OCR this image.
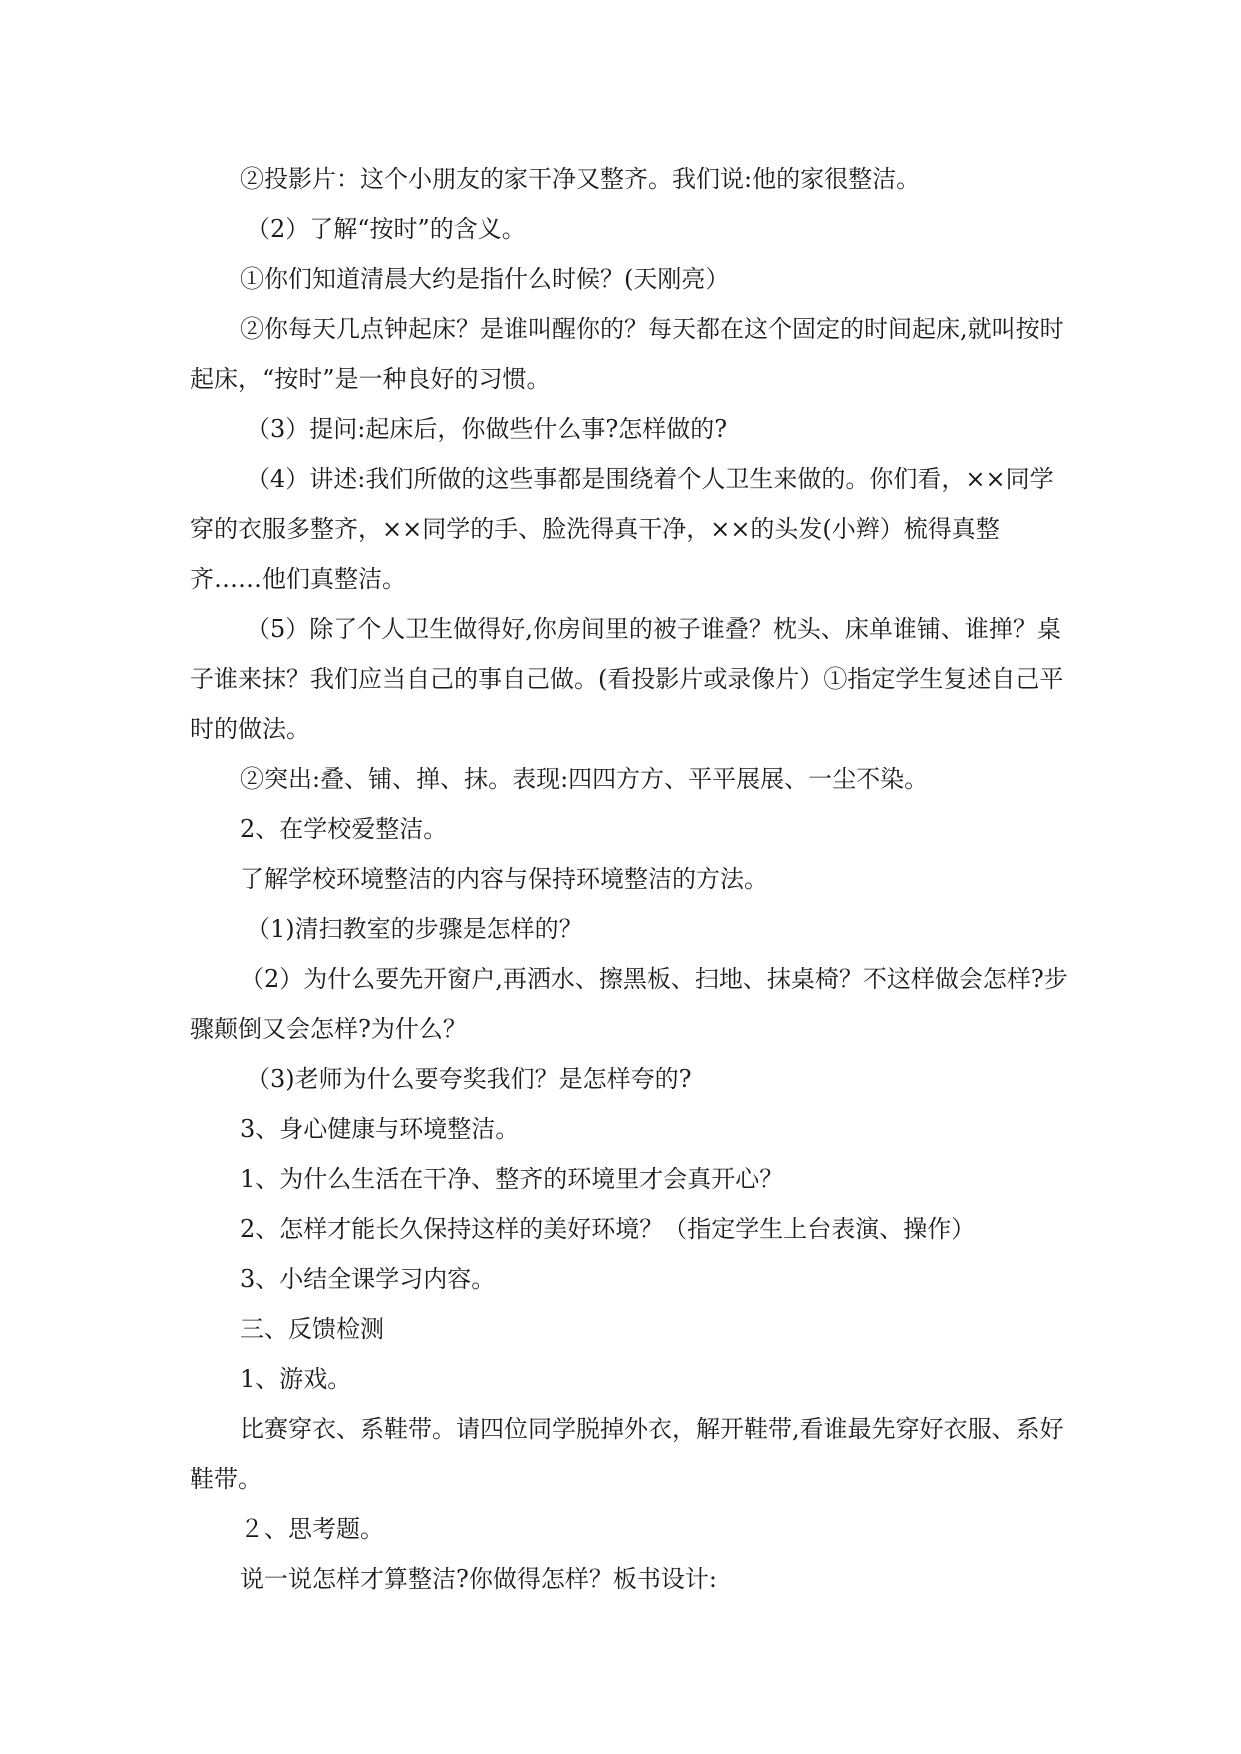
②投影片：这个小朋友的家干净又整齐。我们说:他的家很整洁。

（2）了解“按时”的含义。

①你们知道清晨大约是指什么时候？(天刚亮）

②你每天几点钟起床？是谁叫醒你的？每天都在这个固定的时间起床,就叫按时起床，“按时”是一种良好的习惯。

（3）提问:起床后，你做些什么事?怎样做的?

（4）讲述:我们所做的这些事都是围绕着个人卫生来做的。你们看，××同学穿的衣服多整齐，××同学的手、脸洗得真干净，××的头发(小辫）梳得真整齐……他们真整洁。

（5）除了个人卫生做得好,你房间里的被子谁叠？枕头、床单谁铺、谁掸？桌子谁来抹？我们应当自己的事自己做。(看投影片或录像片）①指定学生复述自己平时的做法。

②突出:叠、铺、掸、抹。表现:四四方方、平平展展、一尘不染。

2、在学校爱整洁。

了解学校环境整洁的内容与保持环境整洁的方法。

（1)清扫教室的步骤是怎样的？

（2）为什么要先开窗户,再洒水、擦黑板、扫地、抹桌椅？不这样做会怎样?步骤颠倒又会怎样?为什么？

（3)老师为什么要夸奖我们？是怎样夸的?

3、身心健康与环境整洁。

1、为什么生活在干净、整齐的环境里才会真开心？

2、怎样才能长久保持这样的美好环境？（指定学生上台表演、操作）

3、小结全课学习内容。

三、反馈检测

1、游戏。

比赛穿衣、系鞋带。请四位同学脱掉外衣，解开鞋带,看谁最先穿好衣服、系好鞋带。

２、思考题。

说一说怎样才算整洁?你做得怎样？板书设计:
